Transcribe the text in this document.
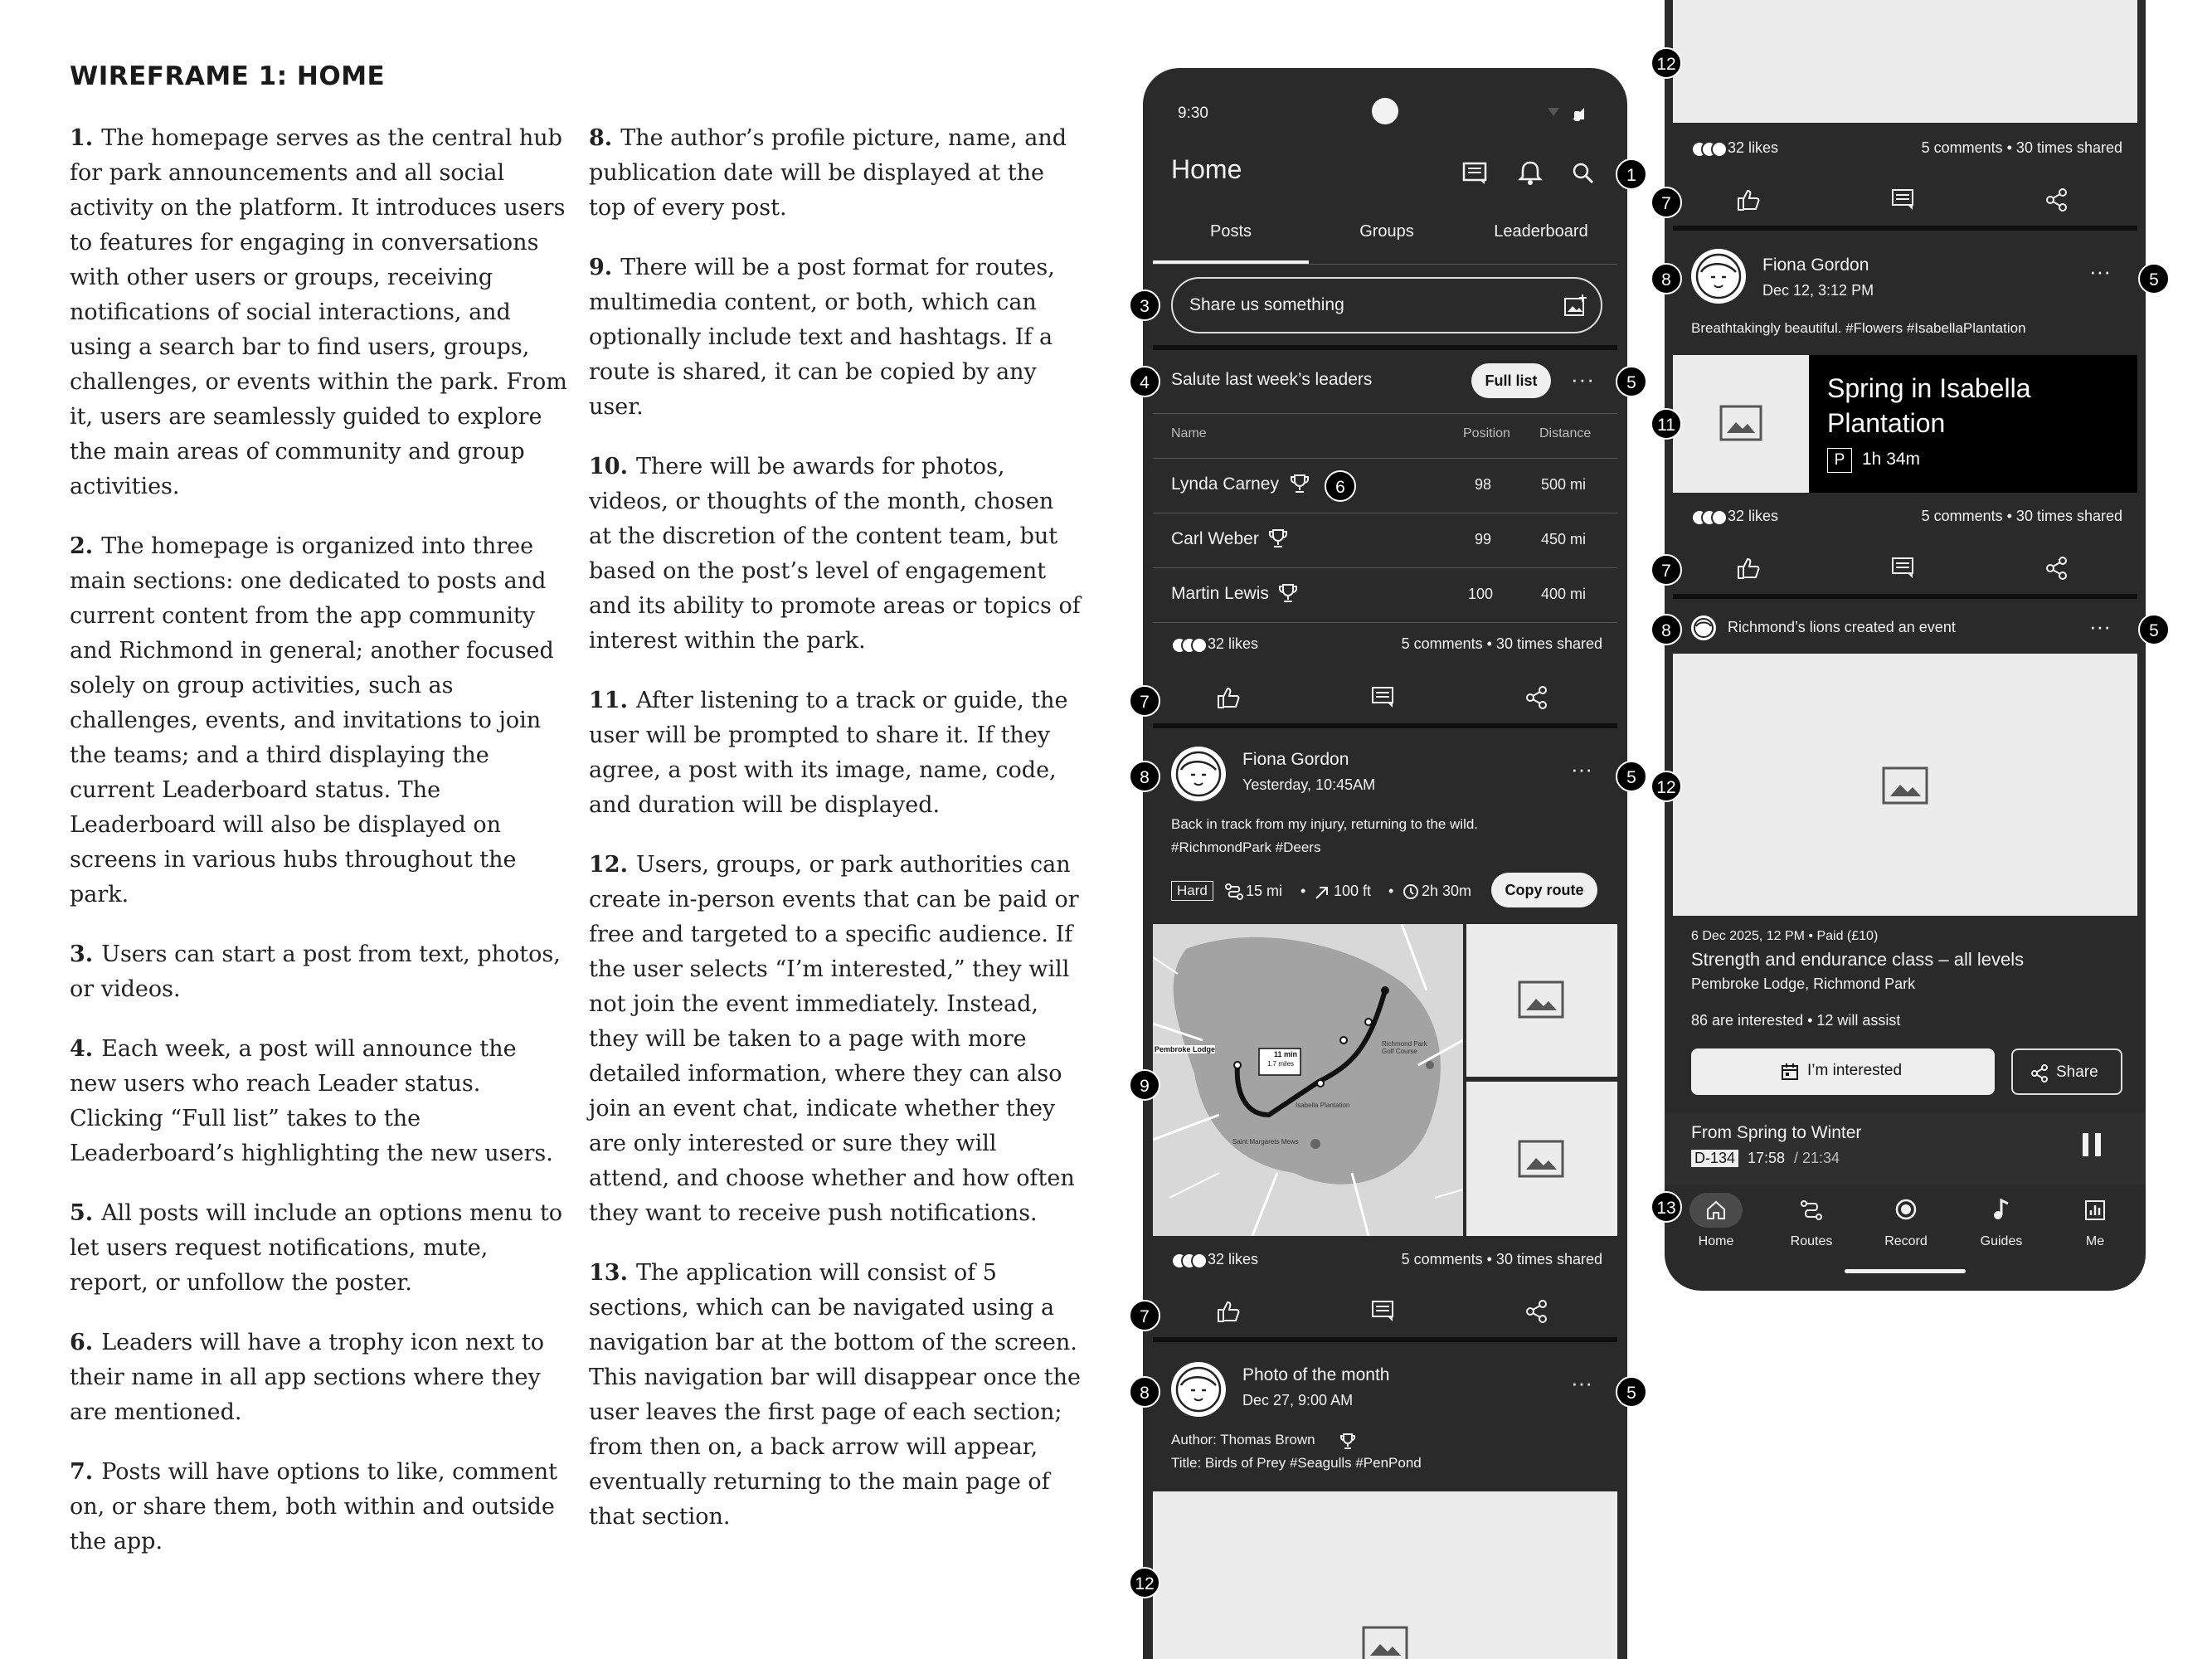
WIREFRAME 1: HOME

1. The homepage serves as the central hub for park announcements and all social activity on the platform. It introduces users to features for engaging in conversations with other users or groups, receiving notifications of social interactions, and using a search bar to find users, groups, challenges, or events within the park. From it, users are seamlessly guided to explore the main areas of community and group activities.

2. The homepage is organized into three main sections: one dedicated to posts and current content from the app community and Richmond in general; another focused solely on group activities, such as challenges, events, and invitations to join the teams; and a third displaying the current Leaderboard status. The Leaderboard will also be displayed on screens in various hubs throughout the park.

3. Users can start a post from text, photos, or videos.

4. Each week, a post will announce the new users who reach Leader status. Clicking “Full list” takes to the Leaderboard’s highlighting the new users.

5. All posts will include an options menu to let users request notifications, mute, report, or unfollow the poster.

6. Leaders will have a trophy icon next to their name in all app sections where they are mentioned.

7. Posts will have options to like, comment on, or share them, both within and outside the app.

8. The author’s profile picture, name, and publication date will be displayed at the top of every post.

9. There will be a post format for routes, multimedia content, or both, which can optionally include text and hashtags. If a route is shared, it can be copied by any user.

10. There will be awards for photos, videos, or thoughts of the month, chosen at the discretion of the content team, but based on the post’s level of engagement and its ability to promote areas or topics of interest within the park.

11. After listening to a track or guide, the user will be prompted to share it. If they agree, a post with its image, name, code, and duration will be displayed.

12. Users, groups, or park authorities can create in-person events that can be paid or free and targeted to a specific audience. If the user selects “I’m interested,” they will not join the event immediately. Instead, they will be taken to a page with more detailed information, where they can also join an event chat, indicate whether they are only interested or sure they will attend, and choose whether and how often they want to receive push notifications.

13. The application will consist of 5 sections, which can be navigated using a navigation bar at the bottom of the screen. This navigation bar will disappear once the user leaves the first page of each section; from then on, a back arrow will appear, eventually returning to the main page of that section.

9:30
Home
Posts	Groups	Leaderboard
Share us something
Salute last week’s leaders	Full list	···
Name	Position Distance
Lynda Carney	98	500 mi
Carl Weber	99	450 mi
Martin Lewis	100	400 mi
32 likes	5 comments • 30 times shared
Fiona Gordon
Yesterday, 10:45AM
···
Back in track from my injury, returning to the wild.
#RichmondPark #Deers
Hard	15 mi • 100 ft • 2h 30m	Copy route
11 min
1.7 miles
Pembroke Lodge
Isabella Plantation
Saint Margarets Mews
Richmond Park Golf Course
32 likes	5 comments • 30 times shared
Photo of the month
Dec 27, 9:00 AM
···
Author: Thomas Brown
Title: Birds of Prey #Seagulls #PenPond
32 likes	5 comments • 30 times shared
Fiona Gordon
Dec 12, 3:12 PM
···
Breathtakingly beautiful. #Flowers #IsabellaPlantation
Spring in Isabella
Plantation
P 1h 34m
32 likes	5 comments • 30 times shared
Richmond’s lions created an event	···
6 Dec 2025, 12 PM • Paid (£10)
Strength and endurance class – all levels
Pembroke Lodge, Richmond Park
86 are interested • 12 will assist
I’m interested	Share
From Spring to Winter
D-134 17:58 / 21:34
Home	Routes	Record	Guides	Me
1
3
4	5
6
7
8	5
9
7
8	5
12
12
7
8	5
11
7
8	5
12
13
